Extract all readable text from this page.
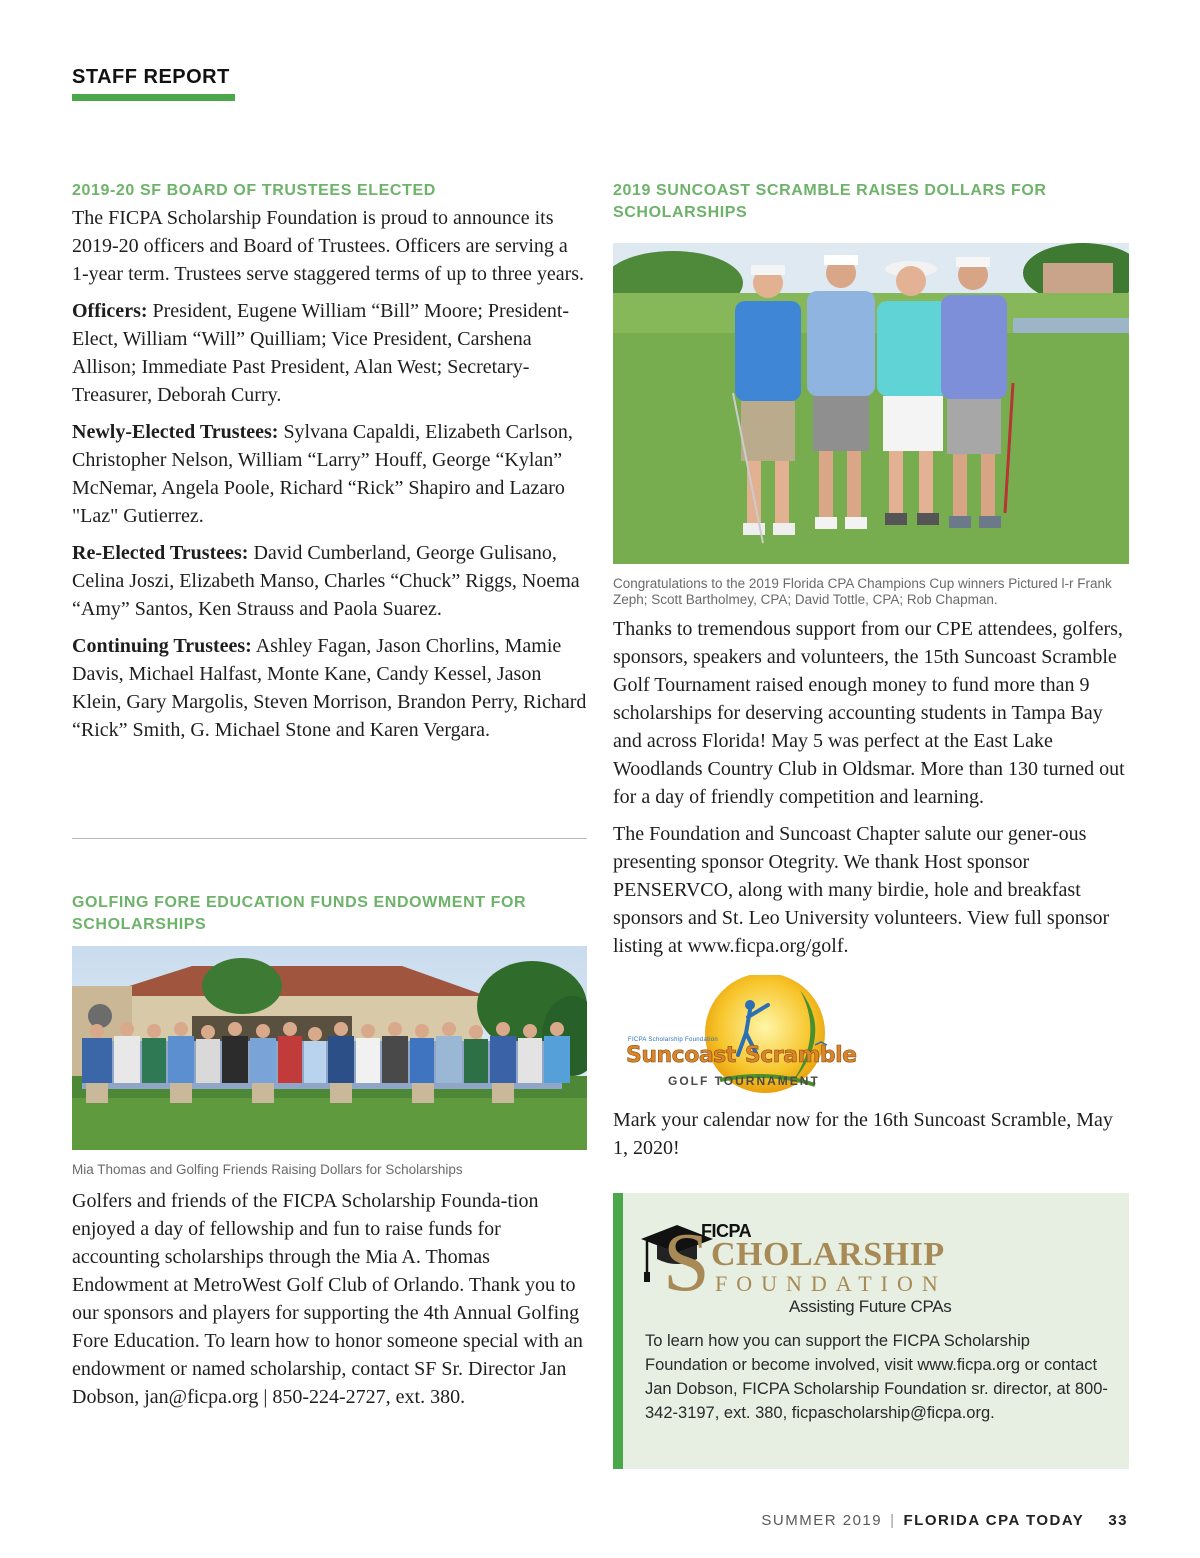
STAFF REPORT
2019-20 SF BOARD OF TRUSTEES ELECTED

The FICPA Scholarship Foundation is proud to announce its 2019-20 officers and Board of Trustees. Officers are serving a 1-year term. Trustees serve staggered terms of up to three years.

Officers: President, Eugene William “Bill” Moore; President-Elect, William “Will” Quilliam; Vice President, Carshena Allison; Immediate Past President, Alan West; Secretary-Treasurer, Deborah Curry.

Newly-Elected Trustees: Sylvana Capaldi, Elizabeth Carlson, Christopher Nelson, William “Larry” Houff, George “Kylan” McNemar, Angela Poole, Richard “Rick” Shapiro and Lazaro "Laz" Gutierrez.

Re-Elected Trustees: David Cumberland, George Gulisano, Celina Joszi, Elizabeth Manso, Charles “Chuck” Riggs, Noema “Amy” Santos, Ken Strauss and Paola Suarez.

Continuing Trustees: Ashley Fagan, Jason Chorlins, Mamie Davis, Michael Halfast, Monte Kane, Candy Kessel, Jason Klein, Gary Margolis, Steven Morrison, Brandon Perry, Richard “Rick” Smith, G. Michael Stone and Karen Vergara.

GOLFING FORE EDUCATION FUNDS ENDOWMENT FOR SCHOLARSHIPS

Mia Thomas and Golfing Friends Raising Dollars for Scholarships

Golfers and friends of the FICPA Scholarship Founda-tion enjoyed a day of fellowship and fun to raise funds for accounting scholarships through the Mia A. Thomas Endowment at MetroWest Golf Club of Orlando. Thank you to our sponsors and players for supporting the 4th Annual Golfing Fore Education. To learn how to honor someone special with an endowment or named scholarship, contact SF Sr. Director Jan Dobson, jan@ficpa.org | 850-224-2727, ext. 380.

2019 SUNCOAST SCRAMBLE RAISES DOLLARS FOR SCHOLARSHIPS

Congratulations to the 2019 Florida CPA Champions Cup winners Pictured l-r Frank Zeph; Scott Bartholmey, CPA; David Tottle, CPA; Rob Chapman.

Thanks to tremendous support from our CPE attendees, golfers, sponsors, speakers and volunteers, the 15th Suncoast Scramble Golf Tournament raised enough money to fund more than 9 scholarships for deserving accounting students in Tampa Bay and across Florida! May 5 was perfect at the East Lake Woodlands Country Club in Oldsmar. More than 130 turned out for a day of friendly competition and learning.

The Foundation and Suncoast Chapter salute our gener-ous presenting sponsor Otegrity. We thank Host sponsor PENSERVCO, along with many birdie, hole and breakfast sponsors and St. Leo University volunteers. View full sponsor listing at www.ficpa.org/golf.

FICPA Scholarship Foundation
Suncoast Scramble
GOLF TOURNAMENT

Mark your calendar now for the 16th Suncoast Scramble, May 1, 2020!

FICPA
S CHOLARSHIP
FOUNDATION
Assisting Future CPAs

To learn how you can support the FICPA Scholarship Foundation or become involved, visit www.ficpa.org or contact Jan Dobson, FICPA Scholarship Foundation sr. director, at 800-342-3197, ext. 380, ficpascholarship@ficpa.org.

SUMMER 2019 | FLORIDA CPA TODAY 33
